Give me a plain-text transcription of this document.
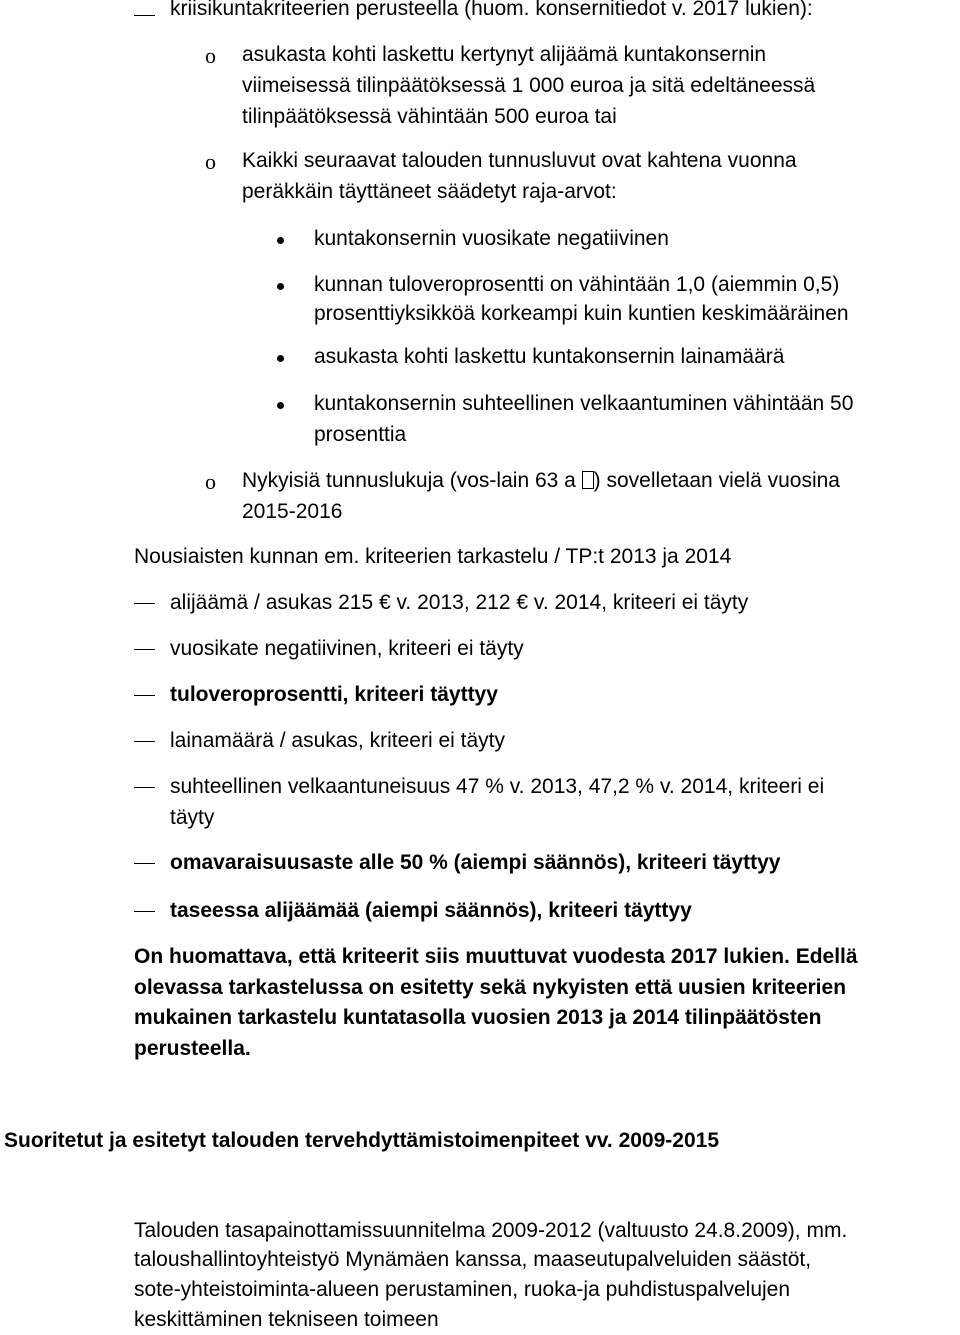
kriisikuntakriteerien perusteella (huom. konsernitiedot v. 2017 lukien):
o asukasta kohti laskettu kertynyt alijäämä kuntakonsernin
viimeisessä tilinpäätöksessä 1 000 euroa ja sitä edeltäneessä
tilinpäätöksessä vähintään 500 euroa tai
o Kaikki seuraavat talouden tunnusluvut ovat kahtena vuonna
peräkkäin täyttäneet säädetyt raja-arvot:
kuntakonsernin vuosikate negatiivinen
kunnan tuloveroprosentti on vähintään 1,0 (aiemmin 0,5)
prosenttiyksikköä korkeampi kuin kuntien keskimääräinen
asukasta kohti laskettu kuntakonsernin lainamäärä
kuntakonsernin suhteellinen velkaantuminen vähintään 50
prosenttia
o Nykyisiä tunnuslukuja (vos-lain 63 a ) sovelletaan vielä vuosina
2015-2016
Nousiaisten kunnan em. kriteerien tarkastelu / TP:t 2013 ja 2014
alijäämä / asukas 215 € v. 2013, 212 € v. 2014, kriteeri ei täyty
vuosikate negatiivinen, kriteeri ei täyty
tuloveroprosentti, kriteeri täyttyy
lainamäärä / asukas, kriteeri ei täyty
suhteellinen velkaantuneisuus 47 % v. 2013, 47,2 % v. 2014, kriteeri ei
täyty
omavaraisuusaste alle 50 % (aiempi säännös), kriteeri täyttyy
taseessa alijäämää (aiempi säännös), kriteeri täyttyy
On huomattava, että kriteerit siis muuttuvat vuodesta 2017 lukien. Edellä
olevassa tarkastelussa on esitetty sekä nykyisten että uusien kriteerien
mukainen tarkastelu kuntatasolla vuosien 2013 ja 2014 tilinpäätösten
perusteella.
Suoritetut ja esitetyt talouden tervehdyttämistoimenpiteet vv. 2009-2015
Talouden tasapainottamissuunnitelma 2009-2012 (valtuusto 24.8.2009), mm.
taloushallintoyhteistyö Mynämäen kanssa, maaseutupalveluiden säästöt,
sote-yhteistoiminta-alueen perustaminen, ruoka-ja puhdistuspalvelujen
keskittäminen tekniseen toimeen
